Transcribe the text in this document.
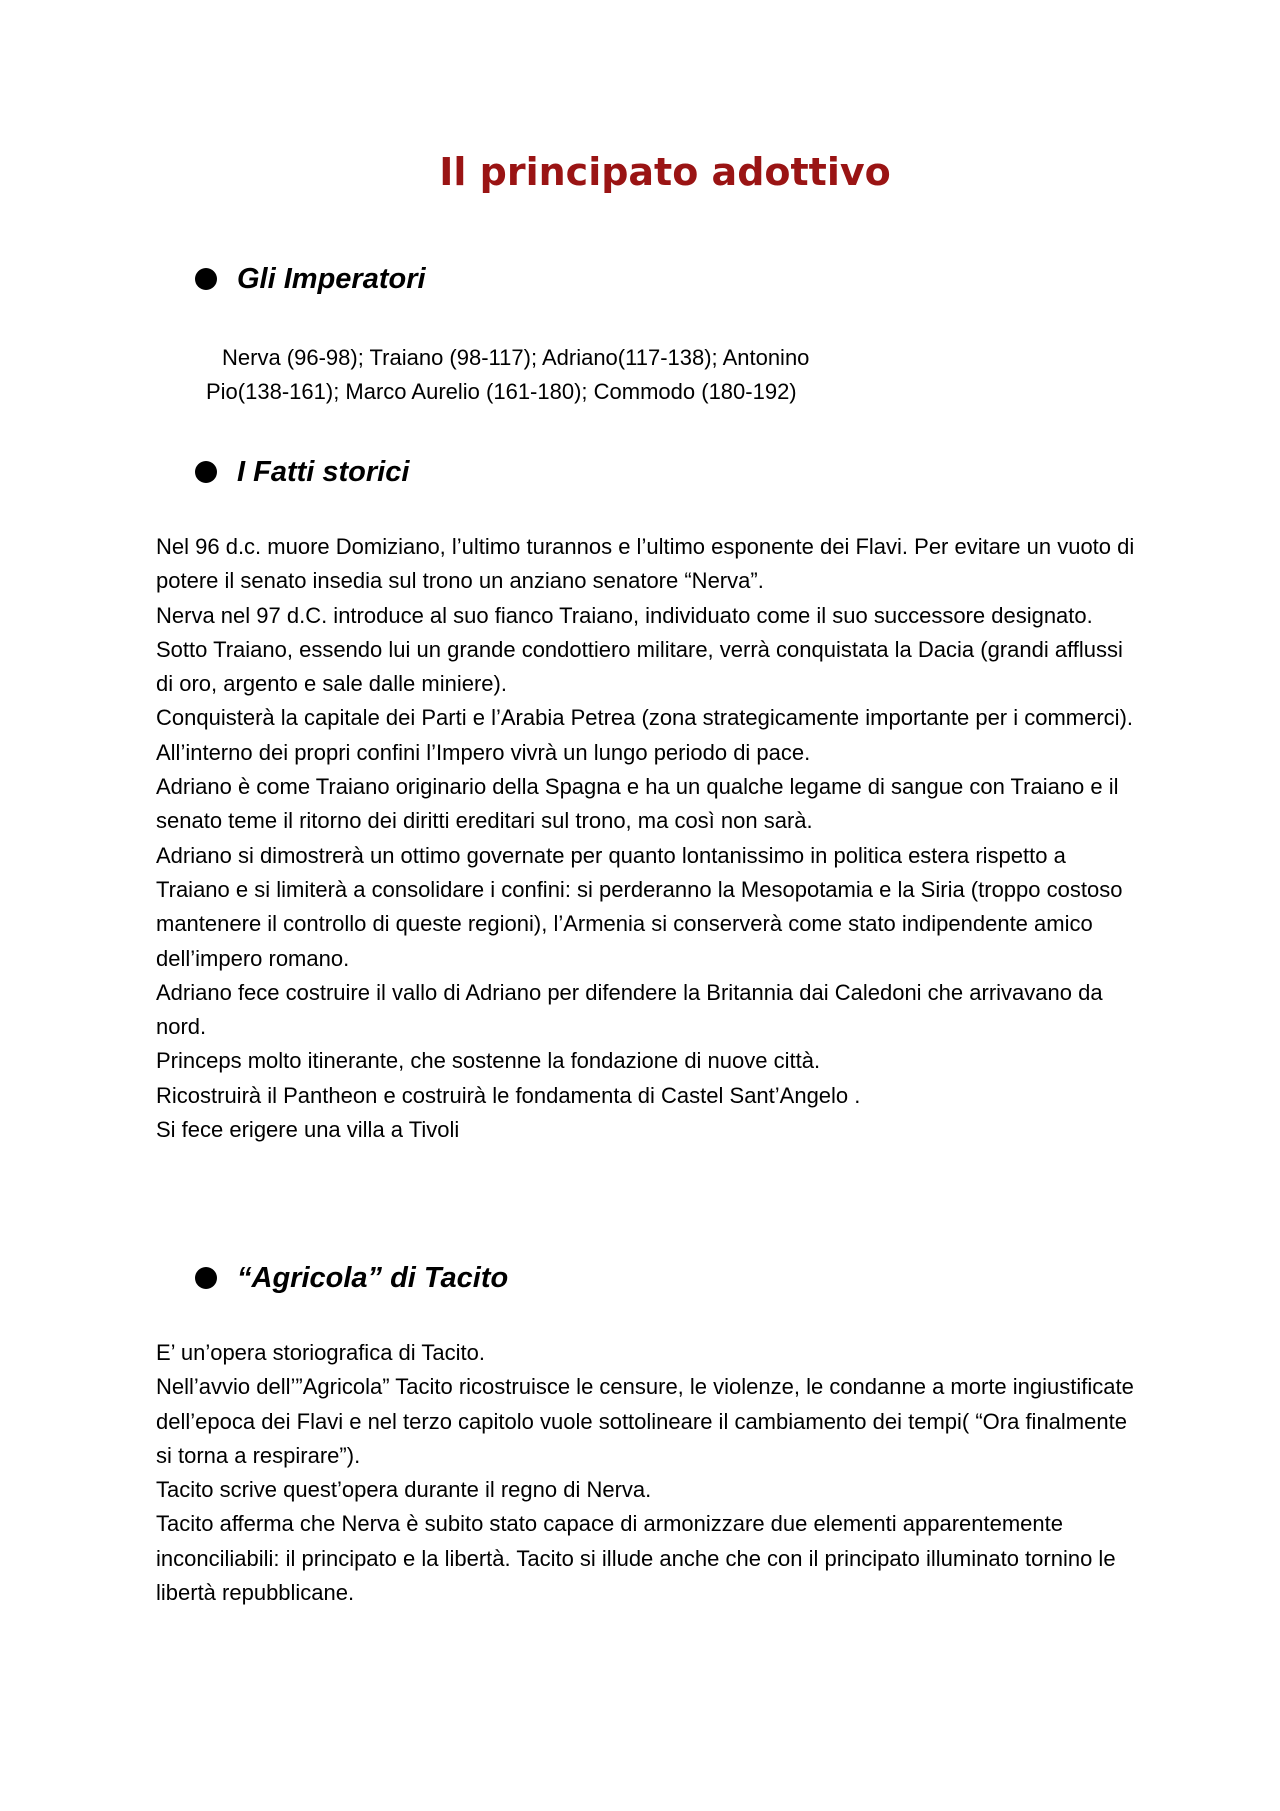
Il principato adottivo
Gli Imperatori
Nerva (96-98); Traiano (98-117); Adriano(117-138); Antonino
Pio(138-161); Marco Aurelio (161-180); Commodo (180-192)
I Fatti storici

Nel 96 d.c. muore Domiziano, l’ultimo turannos e l’ultimo esponente dei Flavi. Per evitare un vuoto di potere il senato insedia sul trono un anziano senatore “Nerva”.

Nerva nel 97 d.C. introduce al suo fianco Traiano, individuato come il suo successore designato.

Sotto Traiano, essendo lui un grande condottiero militare, verrà conquistata la Dacia (grandi afflussi di oro, argento e sale dalle miniere).

Conquisterà la capitale dei Parti e l’Arabia Petrea (zona strategicamente importante per i commerci).

All’interno dei propri confini l’Impero vivrà un lungo periodo di pace.

Adriano è come Traiano originario della Spagna e ha un qualche legame di sangue con Traiano e il senato teme il ritorno dei diritti ereditari sul trono, ma così non sarà.

Adriano si dimostrerà un ottimo governate per quanto lontanissimo in politica estera rispetto a Traiano e si limiterà a consolidare i confini: si perderanno la Mesopotamia e la Siria (troppo costoso mantenere il controllo di queste regioni), l’Armenia si conserverà come stato indipendente amico dell’impero romano.

Adriano fece costruire il vallo di Adriano per difendere la Britannia dai Caledoni che arrivavano da nord.

Princeps molto itinerante, che sostenne la fondazione di nuove città.

Ricostruirà il Pantheon e costruirà le fondamenta di Castel Sant’Angelo .

Si fece erigere una villa a Tivoli

“Agricola” di Tacito

E’ un’opera storiografica di Tacito.

Nell’avvio dell’”Agricola” Tacito ricostruisce le censure, le violenze, le condanne a morte ingiustificate dell’epoca dei Flavi e nel terzo capitolo vuole sottolineare il cambiamento dei tempi( “Ora finalmente si torna a respirare”).

Tacito scrive quest’opera durante il regno di Nerva.

Tacito afferma che Nerva è subito stato capace di armonizzare due elementi apparentemente inconciliabili: il principato e la libertà. Tacito si illude anche che con il principato illuminato tornino le libertà repubblicane.
